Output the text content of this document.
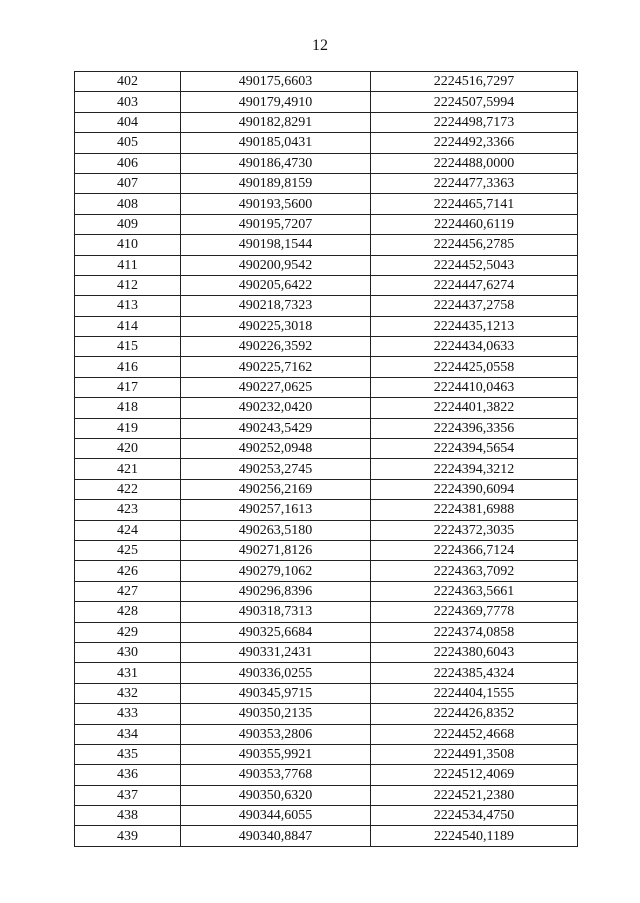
12
402	490175,6603	2224516,7297
403	490179,4910	2224507,5994
404	490182,8291	2224498,7173
405	490185,0431	2224492,3366
406	490186,4730	2224488,0000
407	490189,8159	2224477,3363
408	490193,5600	2224465,7141
409	490195,7207	2224460,6119
410	490198,1544	2224456,2785
411	490200,9542	2224452,5043
412	490205,6422	2224447,6274
413	490218,7323	2224437,2758
414	490225,3018	2224435,1213
415	490226,3592	2224434,0633
416	490225,7162	2224425,0558
417	490227,0625	2224410,0463
418	490232,0420	2224401,3822
419	490243,5429	2224396,3356
420	490252,0948	2224394,5654
421	490253,2745	2224394,3212
422	490256,2169	2224390,6094
423	490257,1613	2224381,6988
424	490263,5180	2224372,3035
425	490271,8126	2224366,7124
426	490279,1062	2224363,7092
427	490296,8396	2224363,5661
428	490318,7313	2224369,7778
429	490325,6684	2224374,0858
430	490331,2431	2224380,6043
431	490336,0255	2224385,4324
432	490345,9715	2224404,1555
433	490350,2135	2224426,8352
434	490353,2806	2224452,4668
435	490355,9921	2224491,3508
436	490353,7768	2224512,4069
437	490350,6320	2224521,2380
438	490344,6055	2224534,4750
439	490340,8847	2224540,1189
